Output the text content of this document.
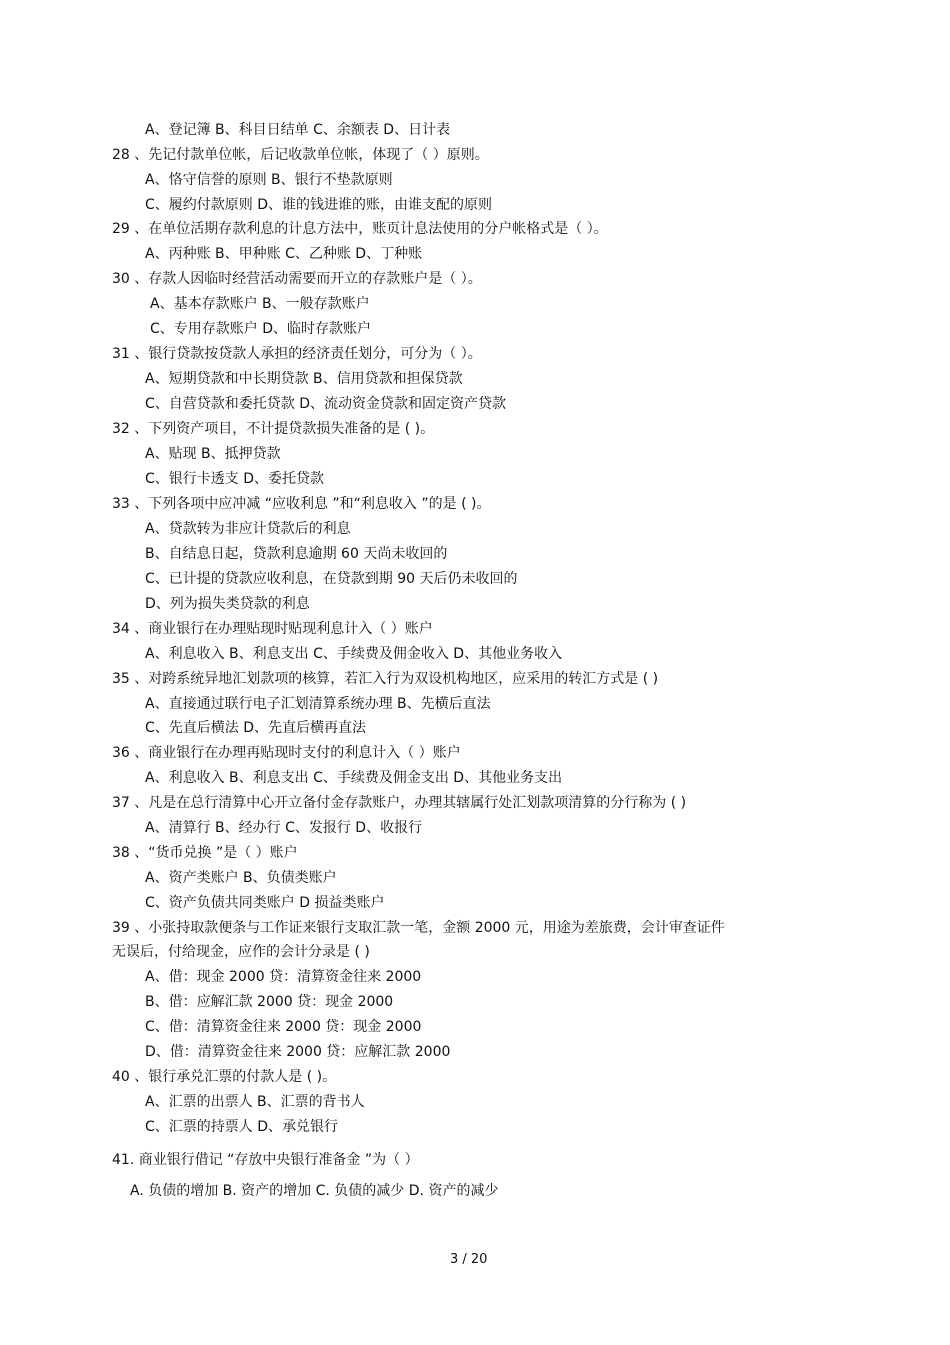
A、登记簿 B、科目日结单 C、余额表 D、日计表
28 、先记付款单位帐，后记收款单位帐，体现了（ ）原则。
A、恪守信誉的原则 B、银行不垫款原则
C、履约付款原则 D、谁的钱进谁的账，由谁支配的原则
29 、在单位活期存款利息的计息方法中，账页计息法使用的分户帐格式是（ ）。
A、丙种账 B、甲种账 C、乙种账 D、丁种账
30 、存款人因临时经营活动需要而开立的存款账户是（ ）。
A、基本存款账户 B、一般存款账户
C、专用存款账户 D、临时存款账户
31 、银行贷款按贷款人承担的经济责任划分，可分为（ ）。
A、短期贷款和中长期贷款 B、信用贷款和担保贷款
C、自营贷款和委托贷款 D、流动资金贷款和固定资产贷款
32 、下列资产项目，不计提贷款损失准备的是 ( )。
A、贴现 B、抵押贷款
C、银行卡透支 D、委托贷款
33 、下列各项中应冲减 “应收利息 ”和“利息收入 ”的是 ( )。
A、贷款转为非应计贷款后的利息
B、自结息日起，贷款利息逾期 60 天尚未收回的
C、已计提的贷款应收利息，在贷款到期 90 天后仍未收回的
D、列为损失类贷款的利息
34 、商业银行在办理贴现时贴现利息计入（ ）账户
A、利息收入 B、利息支出 C、手续费及佣金收入 D、其他业务收入
35 、对跨系统异地汇划款项的核算，若汇入行为双设机构地区，应采用的转汇方式是 ( )
A、直接通过联行电子汇划清算系统办理 B、先横后直法
C、先直后横法 D、先直后横再直法
36 、商业银行在办理再贴现时支付的利息计入（ ）账户
A、利息收入 B、利息支出 C、手续费及佣金支出 D、其他业务支出
37 、凡是在总行清算中心开立备付金存款账户，办理其辖属行处汇划款项清算的分行称为 ( )
A、清算行 B、经办行 C、发报行 D、收报行
38 、“货币兑换 ”是（ ）账户
A、资产类账户 B、负债类账户
C、资产负债共同类账户 D 损益类账户
39 、小张持取款便条与工作证来银行支取汇款一笔，金额 2000 元，用途为差旅费，会计审查证件
无误后，付给现金，应作的会计分录是 ( )
A、借：现金 2000 贷：清算资金往来 2000
B、借：应解汇款 2000 贷：现金 2000
C、借：清算资金往来 2000 贷：现金 2000
D、借：清算资金往来 2000 贷：应解汇款 2000
40 、银行承兑汇票的付款人是 ( )。
A、汇票的出票人 B、汇票的背书人
C、汇票的持票人 D、承兑银行
41. 商业银行借记 “存放中央银行准备金 ”为（ ）
A. 负债的增加 B. 资产的增加 C. 负债的减少 D. 资产的减少
3 / 20
